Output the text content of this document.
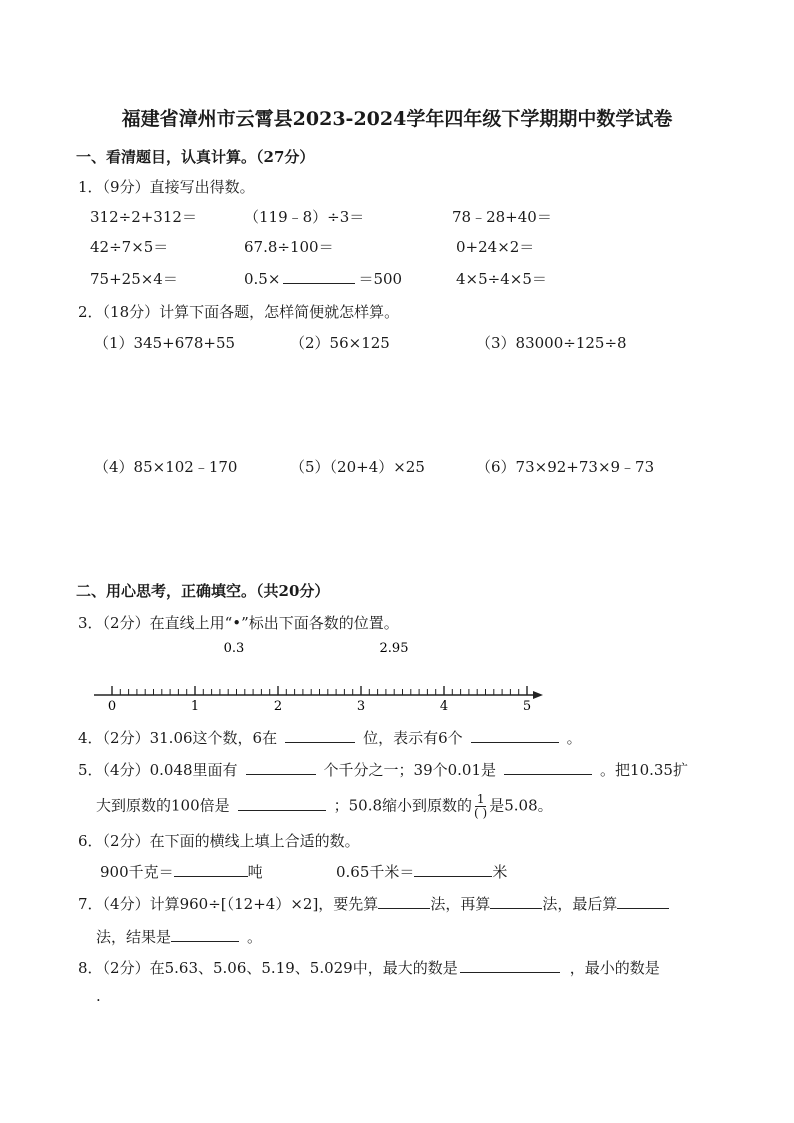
福建省漳州市云霄县2023-2024学年四年级下学期期中数学试卷
一、看清题目，认真计算。（27分）
1．（9分）直接写出得数。
312÷2+312＝	（119﹣8）÷3＝	78﹣28+40＝
42÷7×5＝	67.8÷100＝	0+24×2＝
75+25×4＝	0.5×	＝500	4×5÷4×5＝
2．（18分）计算下面各题，怎样简便就怎样算。
（1）345+678+55	（2）56×125	（3）83000÷125÷8
（4）85×102﹣170	（5）（20+4）×25	（6）73×92+73×9﹣73
二、用心思考，正确填空。（共20分）
3．（2分）在直线上用“•”标出下面各数的位置。
0.3	2.95
0	1	2	3	4	5
4．（2分）31.06这个数，6在	位，表示有6个	。
5．（4分）0.048里面有	个千分之一；39个0.01是	。把10.35扩
大到原数的100倍是	；50.8缩小到原数的 $\frac{1}{( )}$ 是5.08。
6．（2分）在下面的横线上填上合适的数。
900千克＝	吨	0.65千米＝	米
7．（4分）计算960÷[（12+4）×2]，要先算	法，再算	法，最后算
法，结果是	。
8．（2分）在5.63、5.06、5.19、5.029中，最大的数是	，最小的数是
.
